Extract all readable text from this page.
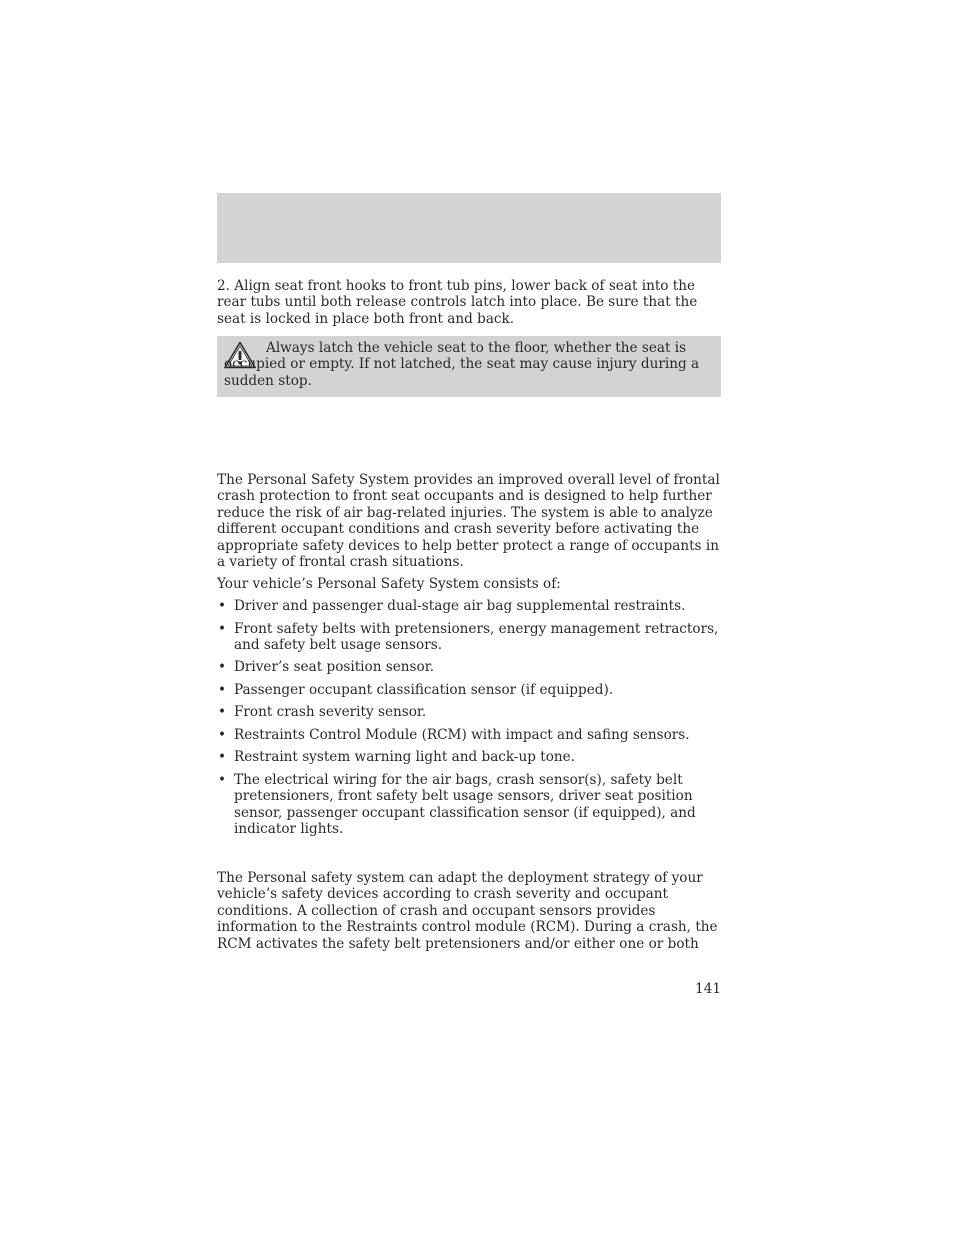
2. Align seat front hooks to front tub pins, lower back of seat into the rear tubs until both release controls latch into place. Be sure that the seat is locked in place both front and back.

Always latch the vehicle seat to the floor, whether the seat is occupied or empty. If not latched, the seat may cause injury during a sudden stop.

The Personal Safety System provides an improved overall level of frontal crash protection to front seat occupants and is designed to help further reduce the risk of air bag-related injuries. The system is able to analyze different occupant conditions and crash severity before activating the appropriate safety devices to help better protect a range of occupants in a variety of frontal crash situations.

Your vehicle’s Personal Safety System consists of:

• Driver and passenger dual-stage air bag supplemental restraints.
• Front safety belts with pretensioners, energy management retractors, and safety belt usage sensors.
• Driver’s seat position sensor.
• Passenger occupant classification sensor (if equipped).
• Front crash severity sensor.
• Restraints Control Module (RCM) with impact and safing sensors.
• Restraint system warning light and back-up tone.
• The electrical wiring for the air bags, crash sensor(s), safety belt pretensioners, front safety belt usage sensors, driver seat position sensor, passenger occupant classification sensor (if equipped), and indicator lights.

The Personal safety system can adapt the deployment strategy of your vehicle’s safety devices according to crash severity and occupant conditions. A collection of crash and occupant sensors provides information to the Restraints control module (RCM). During a crash, the RCM activates the safety belt pretensioners and/or either one or both

141
